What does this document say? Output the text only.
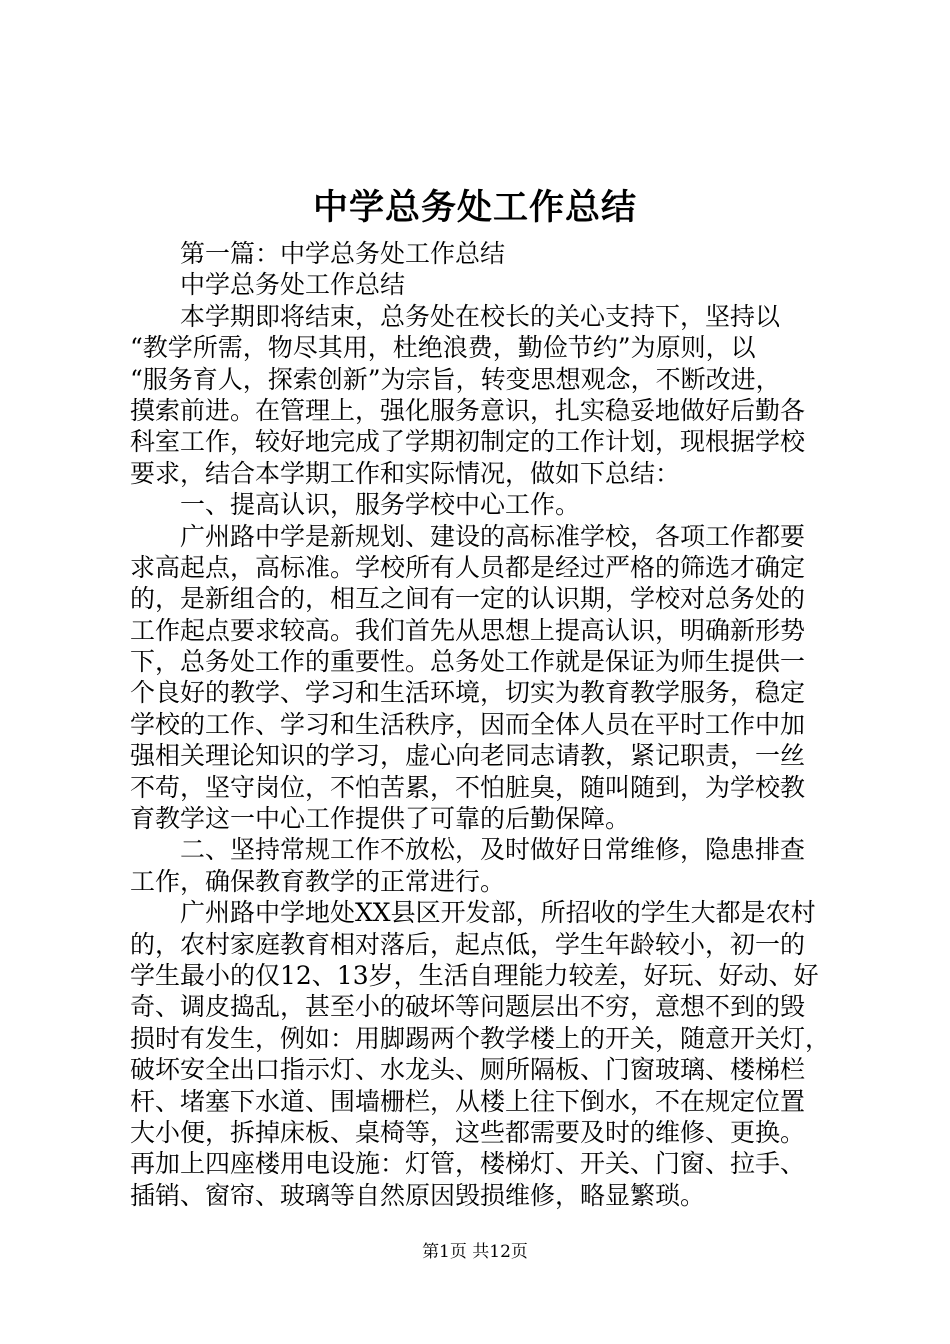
中学总务处工作总结
第一篇：中学总务处工作总结
中学总务处工作总结
本学期即将结束，总务处在校长的关心支持下，坚持以
“教学所需，物尽其用，杜绝浪费，勤俭节约”为原则，以
“服务育人，探索创新”为宗旨，转变思想观念，不断改进，
摸索前进。在管理上，强化服务意识，扎实稳妥地做好后勤各
科室工作，较好地完成了学期初制定的工作计划，现根据学校
要求，结合本学期工作和实际情况，做如下总结：
一、提高认识，服务学校中心工作。
广州路中学是新规划、建设的高标准学校，各项工作都要
求高起点，高标准。学校所有人员都是经过严格的筛选才确定
的，是新组合的，相互之间有一定的认识期，学校对总务处的
工作起点要求较高。我们首先从思想上提高认识，明确新形势
下，总务处工作的重要性。总务处工作就是保证为师生提供一
个良好的教学、学习和生活环境，切实为教育教学服务，稳定
学校的工作、学习和生活秩序，因而全体人员在平时工作中加
强相关理论知识的学习，虚心向老同志请教，紧记职责，一丝
不苟，坚守岗位，不怕苦累，不怕脏臭，随叫随到，为学校教
育教学这一中心工作提供了可靠的后勤保障。
二、坚持常规工作不放松，及时做好日常维修，隐患排查
工作，确保教育教学的正常进行。
广州路中学地处XX县区开发部，所招收的学生大都是农村
的，农村家庭教育相对落后，起点低，学生年龄较小，初一的
学生最小的仅12、13岁，生活自理能力较差，好玩、好动、好
奇、调皮捣乱，甚至小的破坏等问题层出不穷，意想不到的毁
损时有发生，例如：用脚踢两个教学楼上的开关，随意开关灯，
破坏安全出口指示灯、水龙头、厕所隔板、门窗玻璃、楼梯栏
杆、堵塞下水道、围墙栅栏，从楼上往下倒水，不在规定位置
大小便，拆掉床板、桌椅等，这些都需要及时的维修、更换。
再加上四座楼用电设施：灯管，楼梯灯、开关、门窗、拉手、
插销、窗帘、玻璃等自然原因毁损维修，略显繁琐。
第1页 共12页
